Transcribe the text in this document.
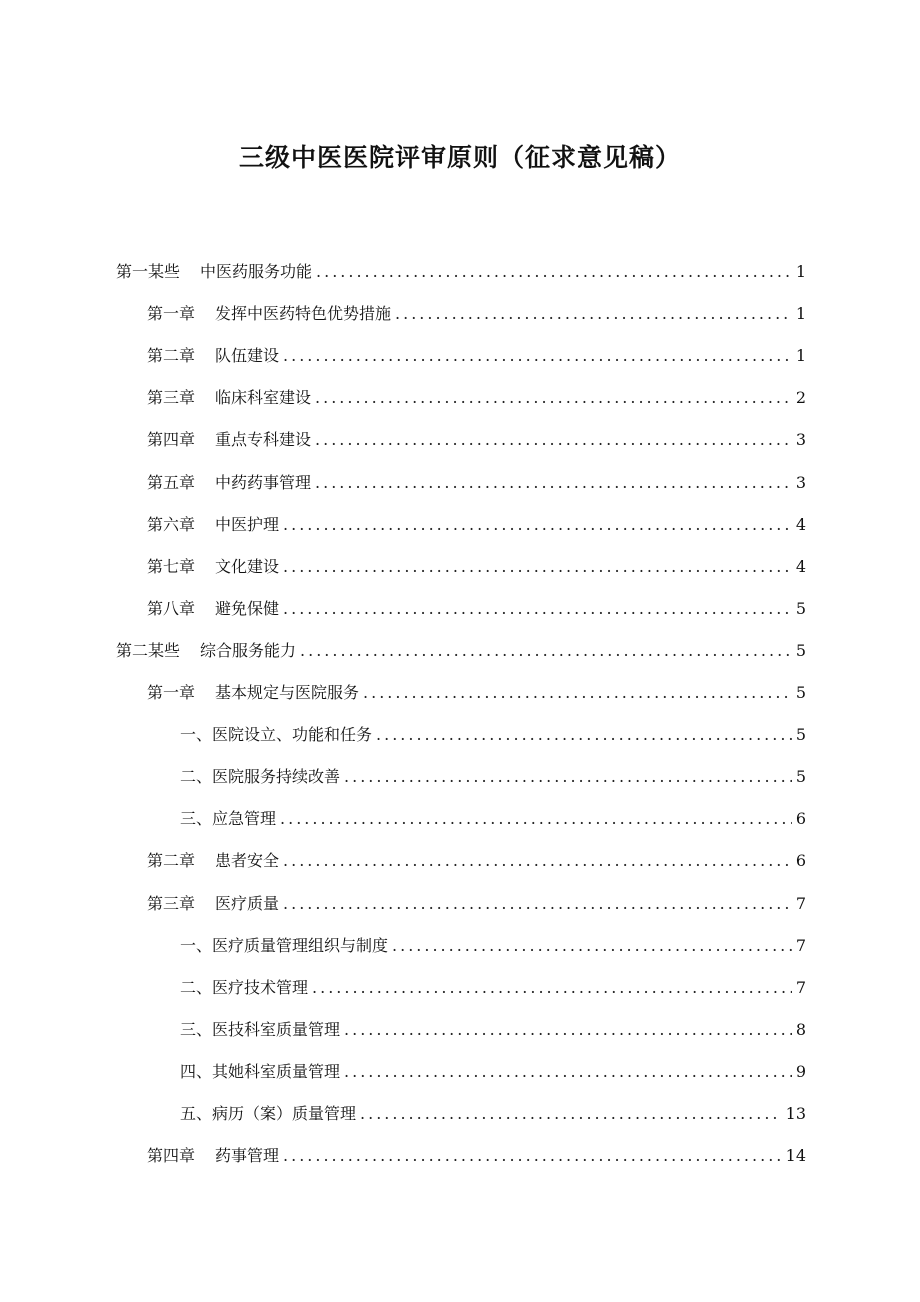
三级中医医院评审原则（征求意见稿）
第一某些 中医药服务功能 .....	1
第一章 发挥中医药特色优势措施 .....	1
第二章 队伍建设 .....	1
第三章 临床科室建设 .....	2
第四章 重点专科建设 .....	3
第五章 中药药事管理 .....	3
第六章 中医护理 .....	4
第七章 文化建设 .....	4
第八章 避免保健 .....	5
第二某些 综合服务能力 .....	5
第一章 基本规定与医院服务 .....	5
一、医院设立、功能和任务 .....	5
二、医院服务持续改善 .....	5
三、应急管理 .....	6
第二章 患者安全 .....	6
第三章 医疗质量 .....	7
一、医疗质量管理组织与制度 .....	7
二、医疗技术管理 .....	7
三、医技科室质量管理 .....	8
四、其她科室质量管理 .....	9
五、病历（案）质量管理 .....	13
第四章 药事管理 .....	14
